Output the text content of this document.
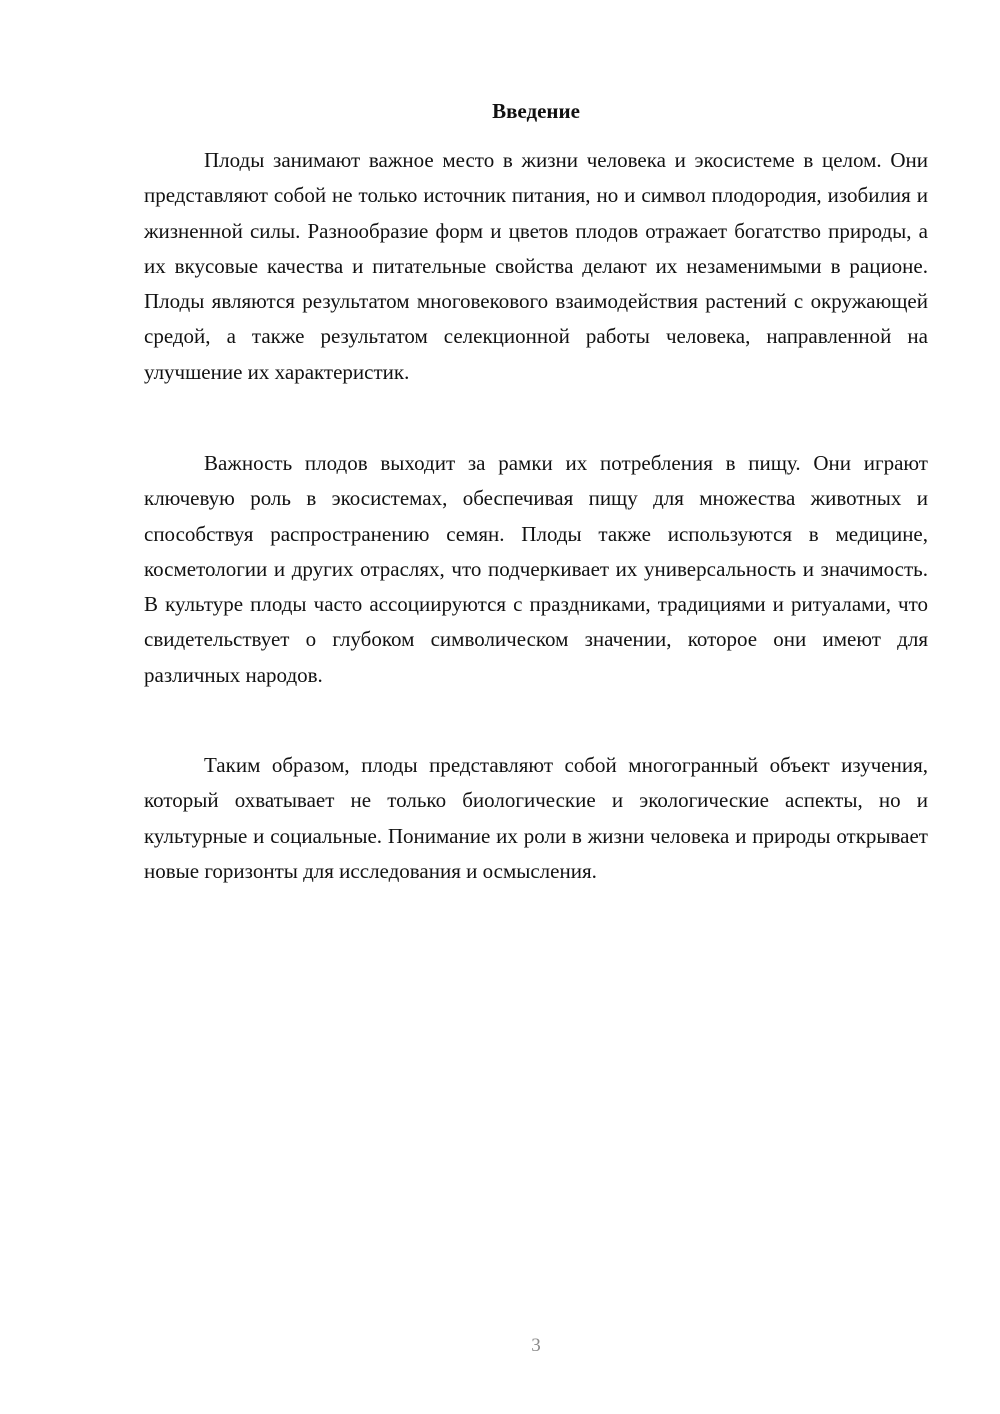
Введение

Плоды занимают важное место в жизни человека и экосистеме в целом. Они представляют собой не только источник питания, но и символ плодородия, изобилия и жизненной силы. Разнообразие форм и цветов плодов отражает богатство природы, а их вкусовые качества и питательные свойства делают их незаменимыми в рационе. Плоды являются результатом многовекового взаимодействия растений с окружающей средой, а также результатом селекционной работы человека, направленной на улучшение их характеристик.

Важность плодов выходит за рамки их потребления в пищу. Они играют ключевую роль в экосистемах, обеспечивая пищу для множества животных и способствуя распространению семян. Плоды также используются в медицине, косметологии и других отраслях, что подчеркивает их универсальность и значимость. В культуре плоды часто ассоциируются с праздниками, традициями и ритуалами, что свидетельствует о глубоком символическом значении, которое они имеют для различных народов.

Таким образом, плоды представляют собой многогранный объект изучения, который охватывает не только биологические и экологические аспекты, но и культурные и социальные. Понимание их роли в жизни человека и природы открывает новые горизонты для исследования и осмысления.

3
